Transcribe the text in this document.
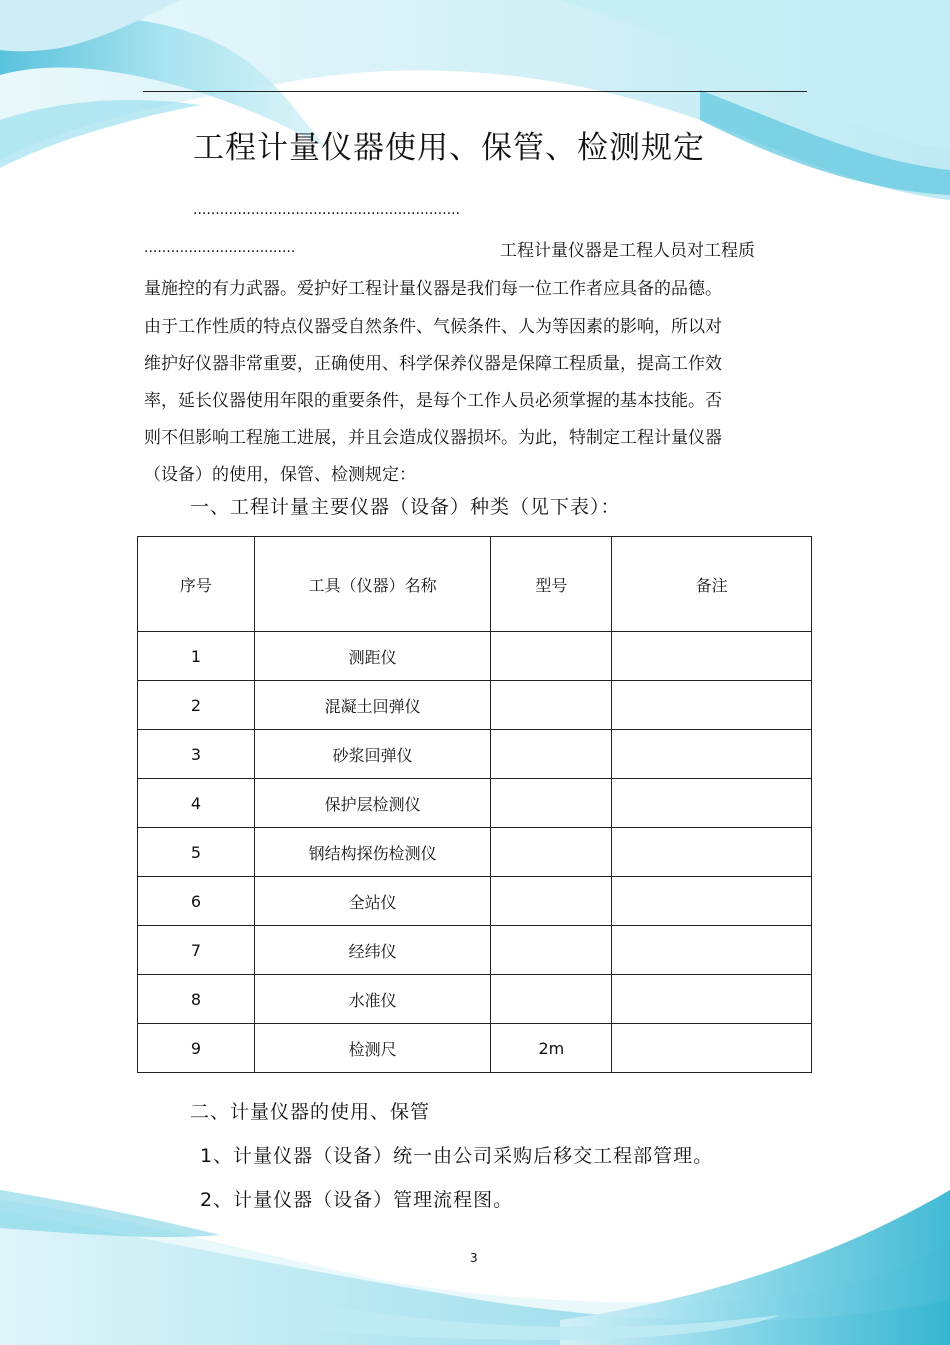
工程计量仪器使用、保管、检测规定
............................................................
..................................	工程计量仪器是工程人员对工程质
量施控的有力武器。爱护好工程计量仪器是我们每一位工作者应具备的品德。
由于工作性质的特点仪器受自然条件、气候条件、人为等因素的影响，所以对
维护好仪器非常重要，正确使用、科学保养仪器是保障工程质量，提高工作效
率，延长仪器使用年限的重要条件，是每个工作人员必须掌握的基本技能。否
则不但影响工程施工进展，并且会造成仪器损坏。为此，特制定工程计量仪器
（设备）的使用，保管、检测规定：
一、工程计量主要仪器（设备）种类（见下表）：
序号	工具（仪器）名称	型号	备注
1	测距仪		
2	混凝土回弹仪		
3	砂浆回弹仪		
4	保护层检测仪		
5	钢结构探伤检测仪		
6	全站仪		
7	经纬仪		
8	水准仪		
9	检测尺	2m	
二、计量仪器的使用、保管
1、计量仪器（设备）统一由公司采购后移交工程部管理。
2、计量仪器（设备）管理流程图。
3
